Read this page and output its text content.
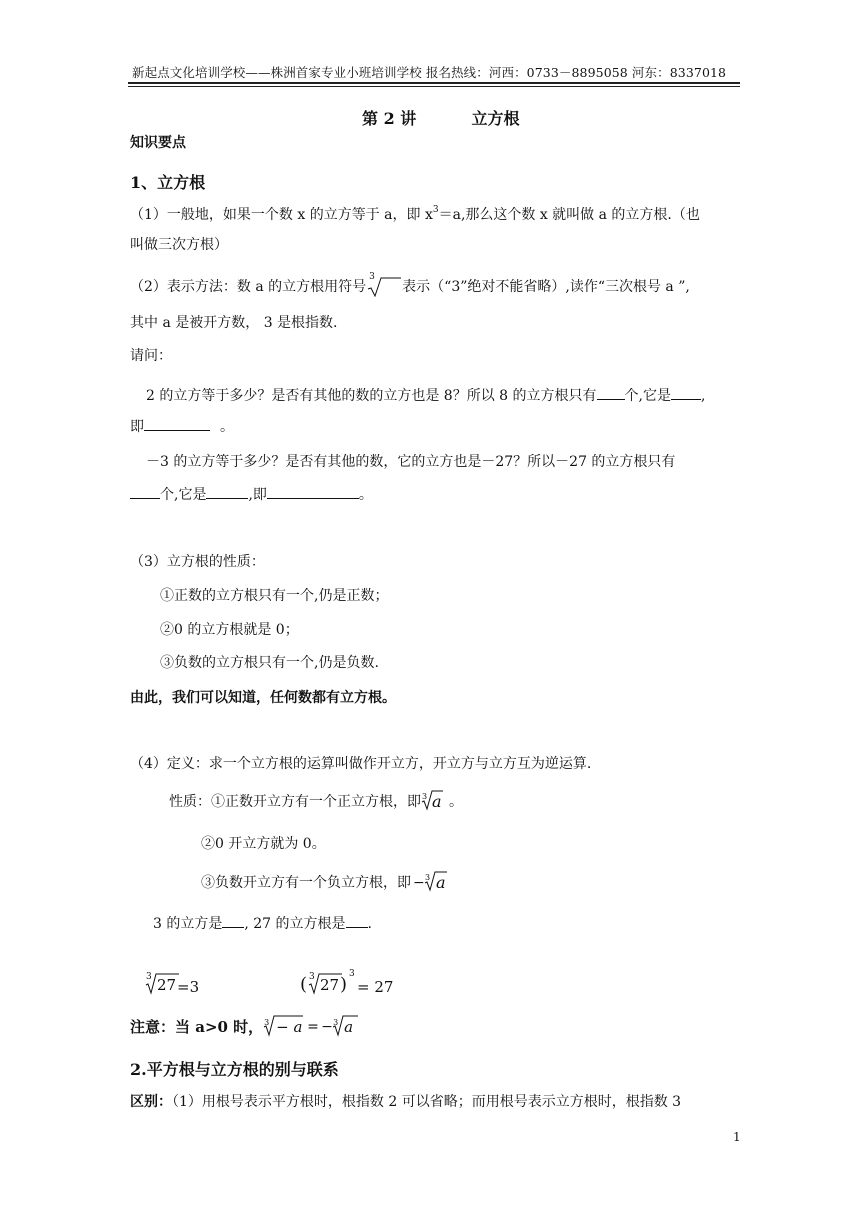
新起点文化培训学校——株洲首家专业小班培训学校 报名热线：河西：0733－8895058 河东：8337018
第 2 讲	立方根
知识要点
1、立方根
（1）一般地，如果一个数 x 的立方等于 a，即 $x^3=a$,那么这个数 x 就叫做 a 的立方根.（也
叫做三次方根）
（2）表示方法：数 a 的立方根用符号
3
表示（“3”绝对不能省略）,读作“三次根号 a ”,
其中 a 是被开方数， 3 是根指数.
请问：
2 的立方等于多少？是否有其他的数的立方也是 8？所以 8 的立方根只有 个,它是 ,
即	。
－3 的立方等于多少？是否有其他的数，它的立方也是－27？所以－27 的立方根只有
个,它是	,即	。
（3）立方根的性质：
①正数的立方根只有一个,仍是正数；
②0 的立方根就是 0；
③负数的立方根只有一个,仍是负数.
由此，我们可以知道，任何数都有立方根。
（4）定义：求一个立方根的运算叫做作开立方，开立方与立方互为逆运算.
性质：①正数开立方有一个正立方根，即 3 a 。
②0 开立方就为 0。
③负数开立方有一个负立方根，即 − 3 a
3 的立方是 , 27 的立方根是 .
3 27 =3	( 3 27 ) 3
= 27
注意：当 a>0 时， 3 − a = − 3 a
2.平方根与立方根的别与联系
区别：（1）用根号表示平方根时，根指数 2 可以省略；而用根号表示立方根时，根指数 3
1
